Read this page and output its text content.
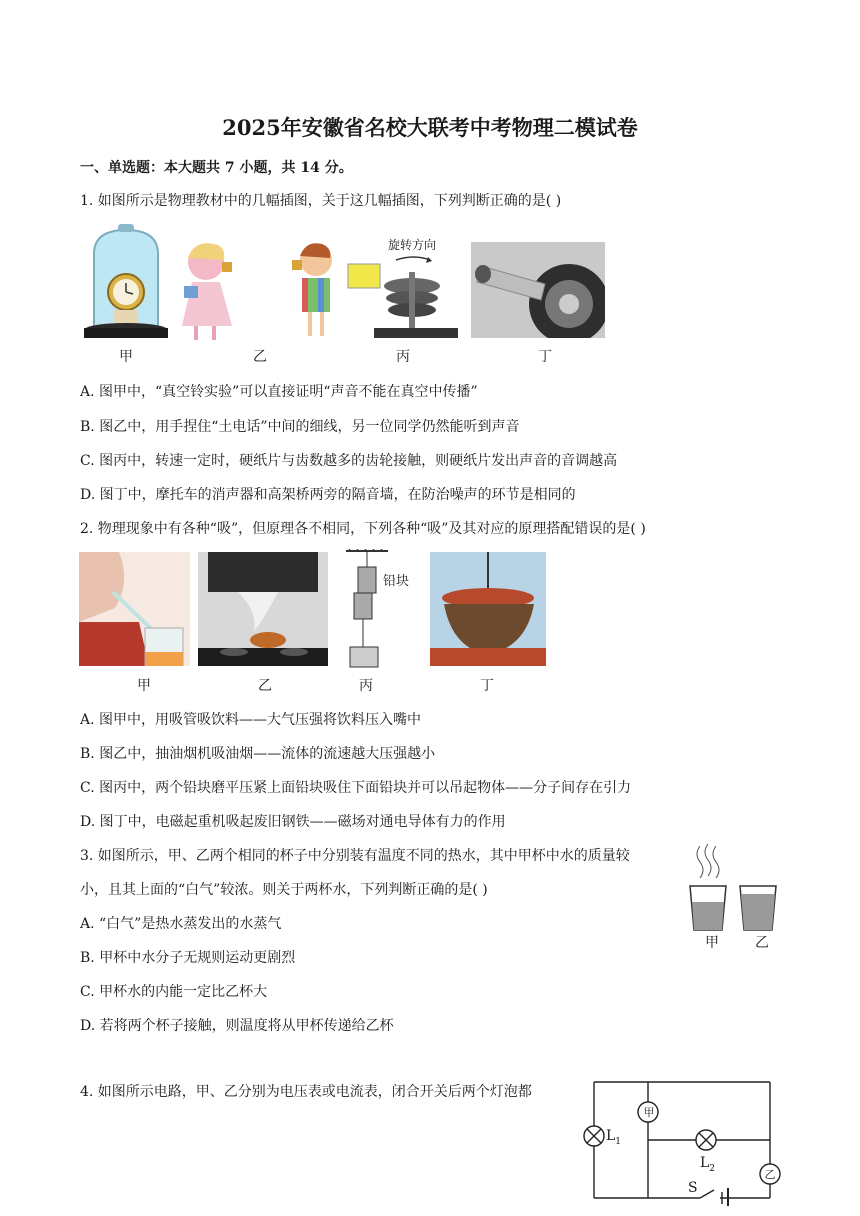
2025年安徽省名校大联考中考物理二模试卷
一、单选题：本大题共 7 小题，共 14 分。
1. 如图所示是物理教材中的几幅插图，关于这几幅插图，下列判断正确的是( )
旋转方向
甲	乙	丙	丁
A. 图甲中，“真空铃实验”可以直接证明“声音不能在真空中传播”
B. 图乙中，用手捏住“土电话”中间的细线，另一位同学仍然能听到声音
C. 图丙中，转速一定时，硬纸片与齿数越多的齿轮接触，则硬纸片发出声音的音调越高
D. 图丁中，摩托车的消声器和高架桥两旁的隔音墙，在防治噪声的环节是相同的
2. 物理现象中有各种“吸”，但原理各不相同，下列各种“吸”及其对应的原理搭配错误的是( )
铅块
甲	乙	丙	丁
A. 图甲中，用吸管吸饮料——大气压强将饮料压入嘴中
B. 图乙中，抽油烟机吸油烟——流体的流速越大压强越小
C. 图丙中，两个铅块磨平压紧上面铅块吸住下面铅块并可以吊起物体——分子间存在引力
D. 图丁中，电磁起重机吸起废旧钢铁——磁场对通电导体有力的作用
3. 如图所示，甲、乙两个相同的杯子中分别装有温度不同的热水，其中甲杯中水的质量较
小，且其上面的“白气”较浓。则关于两杯水，下列判断正确的是( )
A. “白气”是热水蒸发出的水蒸气
B. 甲杯中水分子无规则运动更剧烈
C. 甲杯水的内能一定比乙杯大
D. 若将两个杯子接触，则温度将从甲杯传递给乙杯
甲	乙
4. 如图所示电路，甲、乙分别为电压表或电流表，闭合开关后两个灯泡都
甲
乙
$L_1$
$L_2$
S
